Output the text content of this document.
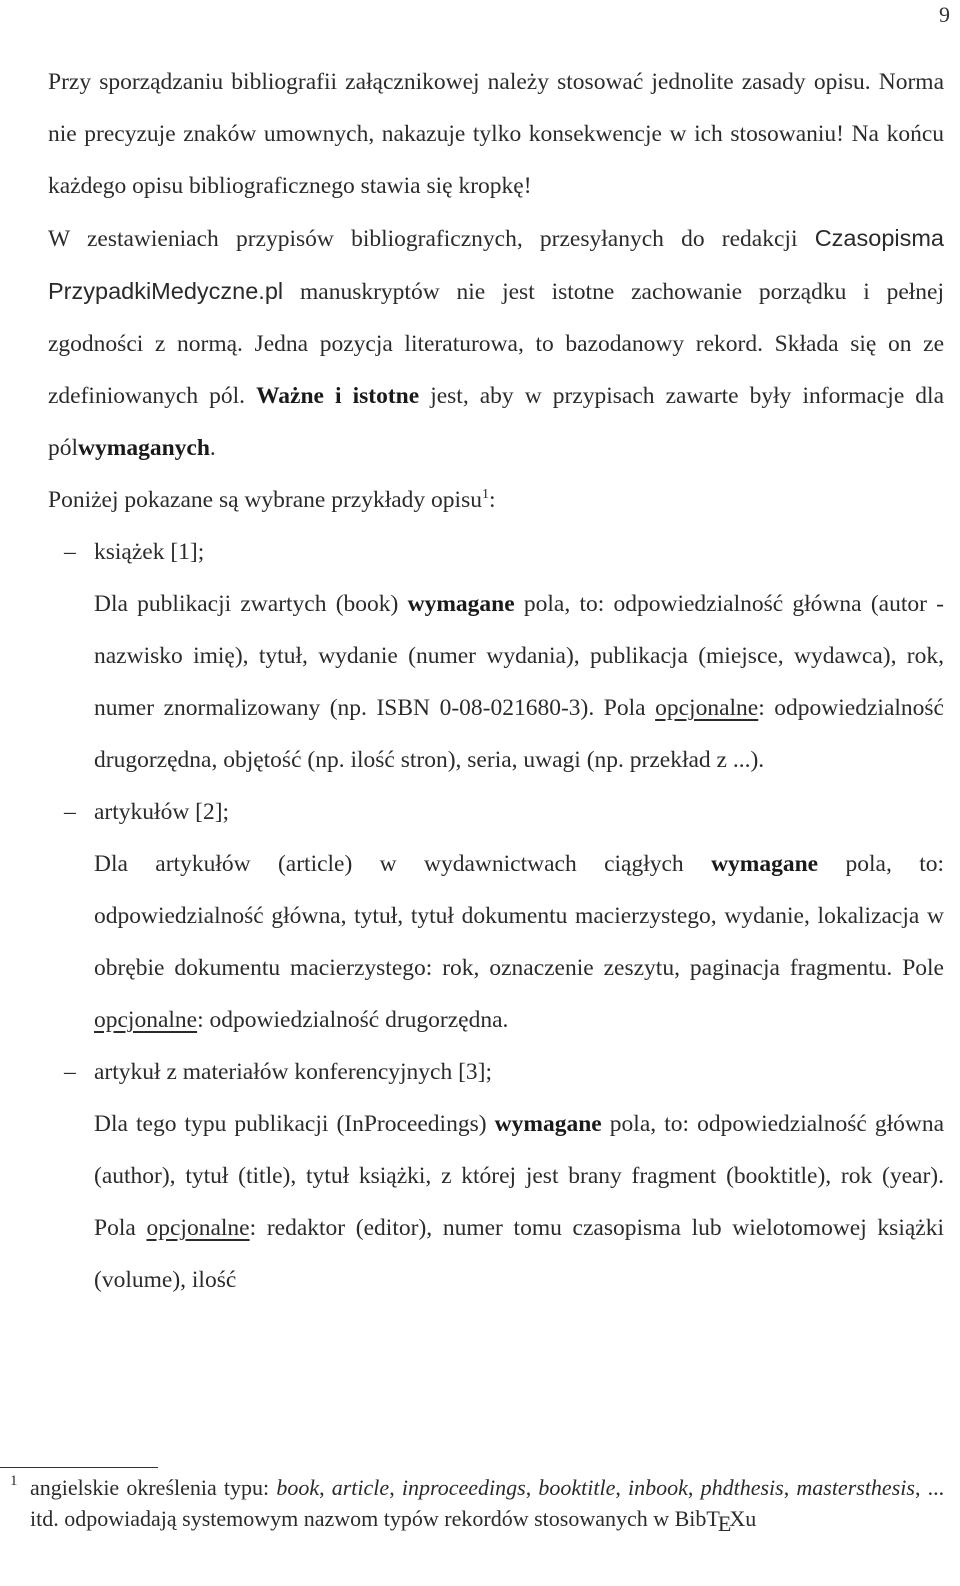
9

Przy sporządzaniu bibliografii załącznikowej należy stosować jednolite zasady opisu. Norma nie precyzuje znaków umownych, nakazuje tylko konsekwencje w ich stosowaniu! Na końcu każdego opisu bibliograficznego stawia się kropkę!

W zestawieniach przypisów bibliograficznych, przesyłanych do redakcji Czasopisma PrzypadkiMedyczne.pl manuskryptów nie jest istotne zachowanie porządku i pełnej zgodności z normą. Jedna pozycja literaturowa, to bazodanowy rekord. Składa się on ze zdefiniowanych pól. Ważne i istotne jest, aby w przypisach zawarte były informacje dla pólwymaganych.

Poniżej pokazane są wybrane przykłady opisu$^1$:

– książek [1];

Dla publikacji zwartych (book) wymagane pola, to: odpowiedzialność główna (autor - nazwisko imię), tytuł, wydanie (numer wydania), publikacja (miejsce, wydawca), rok, numer znormalizowany (np. ISBN 0-08-021680-3). Pola opcjonalne: odpowiedzialność drugorzędna, objętość (np. ilość stron), seria, uwagi (np. przekład z ...).

– artykułów [2];

Dla artykułów (article) w wydawnictwach ciągłych wymagane pola, to: odpowiedzialność główna, tytuł, tytuł dokumentu macierzystego, wydanie, lokalizacja w obrębie dokumentu macierzystego: rok, oznaczenie zeszytu, paginacja fragmentu. Pole opcjonalne: odpowiedzialność drugorzędna.

– artykuł z materiałów konferencyjnych [3];

Dla tego typu publikacji (InProceedings) wymagane pola, to: odpowiedzialność główna (author), tytuł (title), tytuł książki, z której jest brany fragment (booktitle), rok (year). Pola opcjonalne: redaktor (editor), numer tomu czasopisma lub wielotomowej książki (volume), ilość

1 angielskie określenia typu: book, article, inproceedings, booktitle, inbook, phdthesis, mastersthesis, ... itd. odpowiadają systemowym nazwom typów rekordów stosowanych w BibTEXu
